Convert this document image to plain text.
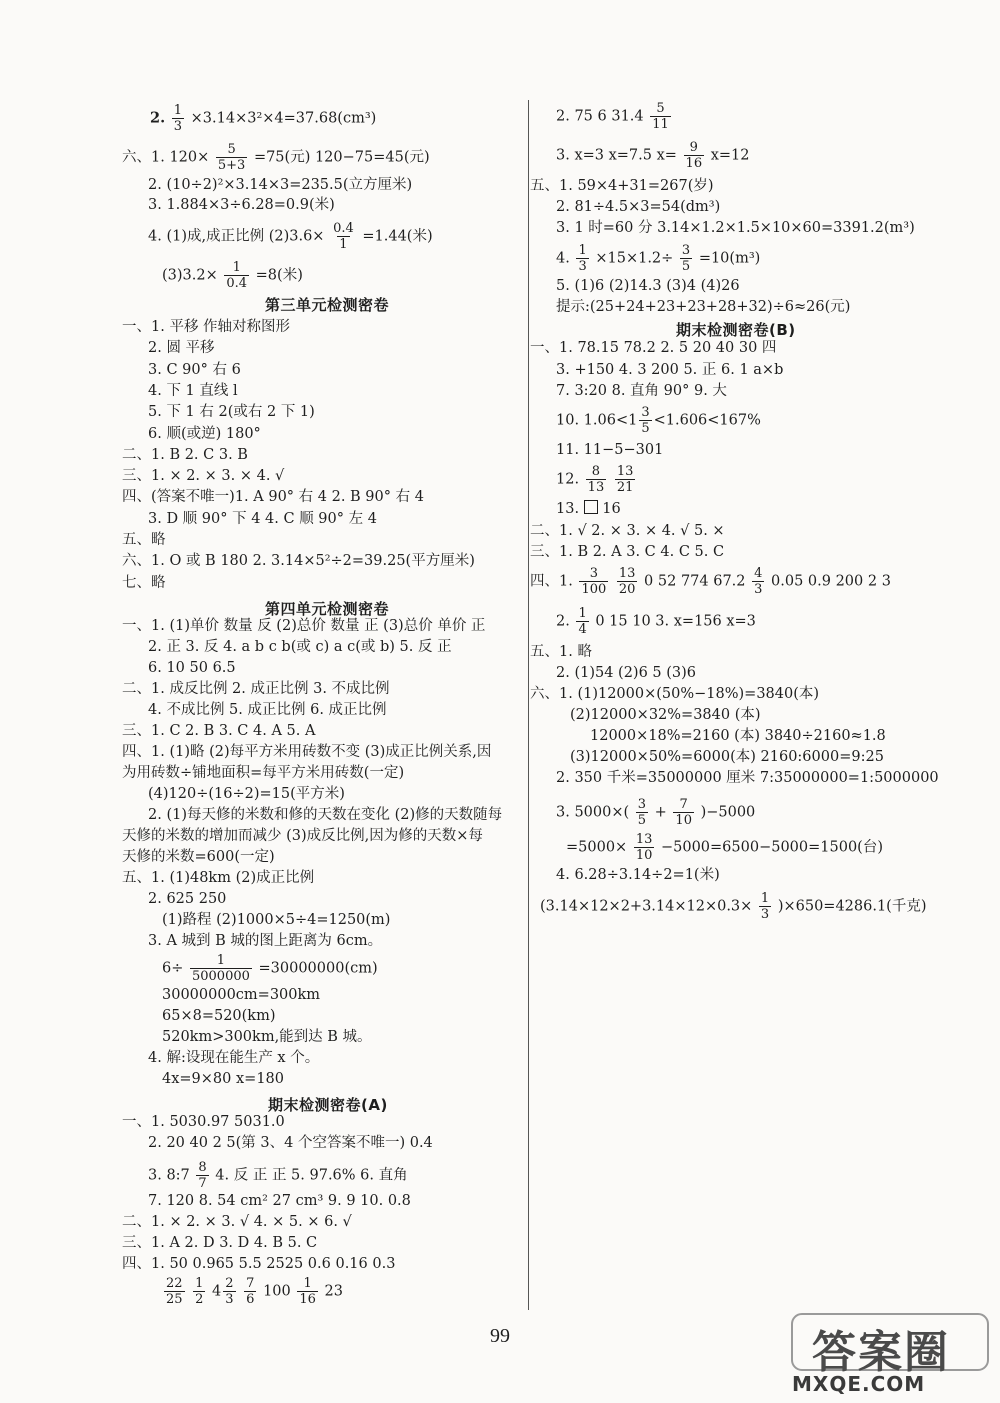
2. $\frac{1}{3} \times 3.14\times 3^2\times 4=37.68(cm^3)$
六、1. $120\times \frac{5}{5+3} =75$(元) 120−75=45(元)
2. (10÷2)²×3.14×3=235.5(立方厘米)
3. 1.884×3÷6.28=0.9(米)
4. (1)成,成正比例 $(2)3.6\times \frac{0.4}{1} =1.44$(米)
$(3)3.2\times \frac{1}{0.4} =8$(米)
第三单元检测密卷
一、1. 平移 作轴对称图形
2. 圆 平移
3. C 90° 右 6
4. 下 1 直线 l
5. 下 1 右 2(或右 2 下 1)
6. 顺(或逆) 180°
二、1. B 2. C 3. B
三、1. × 2. × 3. × 4. √
四、(答案不唯一)1. A 90° 右 4 2. B 90° 右 4
3. D 顺 90° 下 4 4. C 顺 90° 左 4
五、略
六、1. O 或 B 180 2. 3.14×5²÷2=39.25(平方厘米)
七、略
第四单元检测密卷
一、1. (1)单价 数量 反 (2)总价 数量 正 (3)总价 单价 正
2. 正 3. 反 4. a b c b(或 c) a c(或 b) 5. 反 正
6. 10 50 6.5
二、1. 成反比例 2. 成正比例 3. 不成比例
4. 不成比例 5. 成正比例 6. 成正比例
三、1. C 2. B 3. C 4. A 5. A
四、1. (1)略 (2)每平方米用砖数不变 (3)成正比例关系,因
为用砖数÷铺地面积=每平方米用砖数(一定)
(4)120÷(16÷2)=15(平方米)
2. (1)每天修的米数和修的天数在变化 (2)修的天数随每
天修的米数的增加而减少 (3)成反比例,因为修的天数×每
天修的米数=600(一定)
五、1. (1)48km (2)成正比例
2. 625 250
(1)路程 (2)1000×5÷4=1250(m)
3. A 城到 B 城的图上距离为 6cm。
$6\div \frac{1}{5000000} =30000000(cm)$
30000000cm=300km
65×8=520(km)
520km>300km,能到达 B 城。
4. 解:设现在能生产 x 个。
4x=9×80 x=180
期末检测密卷(A)
一、1. 5030.97 5031.0
2. 20 40 2 5(第 3、4 个空答案不唯一) 0.4
3. 8:7 $\frac{8}{7} 4$. 反 正 正 5. 97.6% 6. 直角
7. 120 8. 54 cm² 27 cm³ 9. 9 10. 0.8
二、1. × 2. × 3. √ 4. × 5. × 6. √
三、1. A 2. D 3. D 4. B 5. C
四、1. 50 0.965 5.5 2525 0.6 0.16 0.3
$\frac{22}{25}$
$\frac{1}{2} 4 \frac{2}{3}$
$\frac{7}{6} 100 \frac{1}{16} 23$
2. 75 6 $31.4 \frac{5}{11}$
3. x=3 x=7.5 $x= \frac{9}{16} x=12$
五、1. 59×4+31=267(岁)
2. 81÷4.5×3=54(dm³)
3. 1 时=60 分 3.14×1.2×1.5×10×60=3391.2(m³)
4. $\frac{1}{3} \times 15\times 1.2\div \frac{3}{5} =10(m^3)$
5. (1)6 (2)14.3 (3)4 (4)26
提示:(25+24+23+23+28+32)÷6≈26(元)
期末检测密卷(B)
一、1. 78.15 78.2 2. 5 20 40 30 四
3. +150 4. 3 200 5. 正 6. 1 a×b
7. 3:20 8. 直角 90° 9. 大
10. $1.06<1 \frac{3}{5} <1.606<167\%$
11. 11−5−301
12. $\frac{8}{13}$
$\frac{13}{21}$
13. 16
二、1. √ 2. × 3. × 4. √ 5. ×
三、1. B 2. A 3. C 4. C 5. C
四、1. $\frac{3}{100}$
$\frac{13}{20} 0$ 52 774 $67.2 \frac{4}{3} 0.05$ 0.9 200 2 3
2. $\frac{1}{4} 0$ 15 10 3. x=156 x=3
五、1. 略
2. (1)54 (2)6 5 (3)6
六、1. (1)12000×(50%−18%)=3840(本)
(2)12000×32%=3840 (本)
12000×18%=2160 (本) 3840÷2160≈1.8
(3)12000×50%=6000(本) 2160:6000=9:25
2. 350 千米=35000000 厘米 7:35000000=1:5000000
3. $5000\times( \frac{3}{5} + \frac{7}{10} )-5000$
$=5000\times \frac{13}{10} -5000=6500-5000=1500$(台)
4. 6.28÷3.14÷2=1(米)
$(3.14\times 12\times 2+3.14\times 12\times 0.3\times \frac{1}{3} )\times 650=4286.1$(千克)
99	答案圈
MXQE.COM
